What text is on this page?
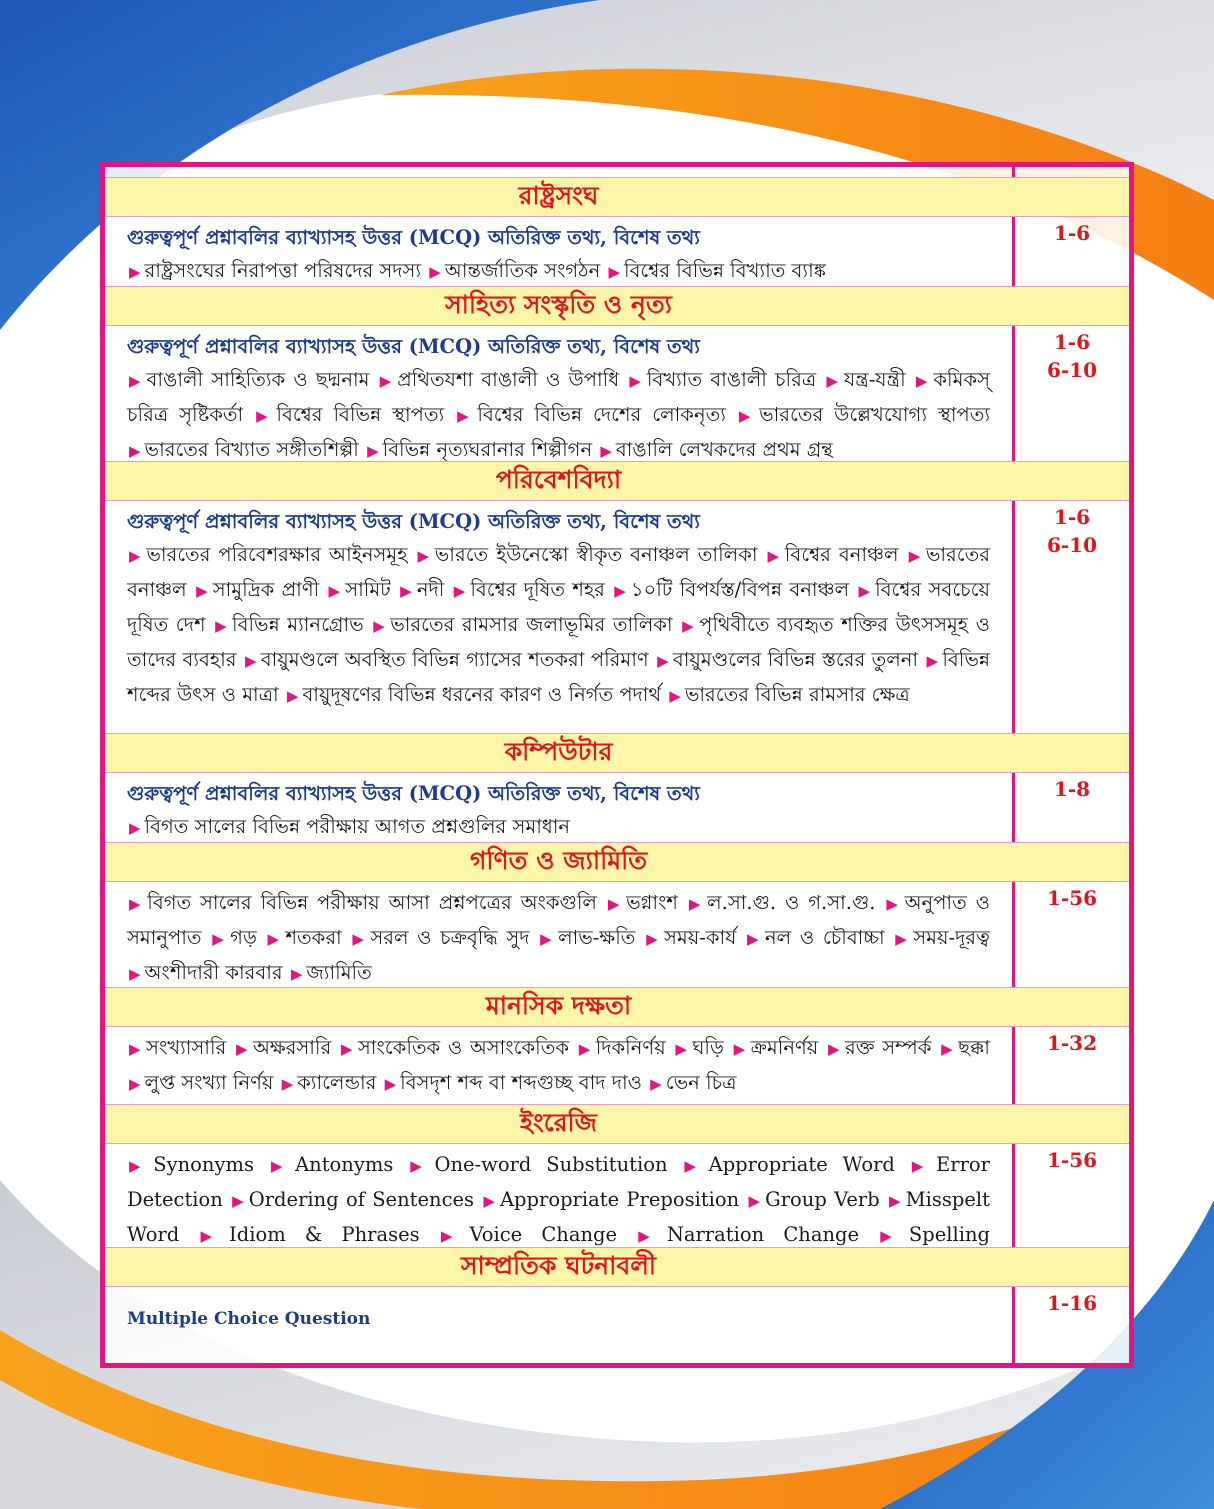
রাষ্ট্রসংঘ
গুরুত্বপূর্ণ প্রশ্নাবলির ব্যাখ্যাসহ উত্তর (MCQ) অতিরিক্ত তথ্য, বিশেষ তথ্য
▶ রাষ্ট্রসংঘের নিরাপত্তা পরিষদের সদস্য ▶ আন্তর্জাতিক সংগঠন ▶ বিশ্বের বিভিন্ন বিখ্যাত ব্যাঙ্ক
1-6
সাহিত্য সংস্কৃতি ও নৃত্য
গুরুত্বপূর্ণ প্রশ্নাবলির ব্যাখ্যাসহ উত্তর (MCQ) অতিরিক্ত তথ্য, বিশেষ তথ্য
▶ বাঙালী সাহিত্যিক ও ছদ্মনাম ▶ প্রথিতযশা বাঙালী ও উপাধি ▶ বিখ্যাত বাঙালী চরিত্র ▶ যন্ত্র-যন্ত্রী ▶ কমিকস্ চরিত্র সৃষ্টিকর্তা ▶ বিশ্বের বিভিন্ন স্থাপত্য ▶ বিশ্বের বিভিন্ন দেশের লোকনৃত্য ▶ ভারতের উল্লেখযোগ্য স্থাপত্য ▶ ভারতের বিখ্যাত সঙ্গীতশিল্পী ▶ বিভিন্ন নৃত্যঘরানার শিল্পীগন ▶ বাঙালি লেখকদের প্রথম গ্রন্থ
1-6
6-10
পরিবেশবিদ্যা
গুরুত্বপূর্ণ প্রশ্নাবলির ব্যাখ্যাসহ উত্তর (MCQ) অতিরিক্ত তথ্য, বিশেষ তথ্য
▶ ভারতের পরিবেশরক্ষার আইনসমূহ ▶ ভারতে ইউনেস্কো স্বীকৃত বনাঞ্চল তালিকা ▶ বিশ্বের বনাঞ্চল ▶ ভারতের বনাঞ্চল ▶ সামুদ্রিক প্রাণী ▶ সামিট ▶ নদী ▶ বিশ্বের দূষিত শহর ▶ ১০টি বিপর্যস্ত/বিপন্ন বনাঞ্চল ▶ বিশ্বের সবচেয়ে দূষিত দেশ ▶ বিভিন্ন ম্যানগ্রোভ ▶ ভারতের রামসার জলাভূমির তালিকা ▶ পৃথিবীতে ব্যবহৃত শক্তির উৎসসমূহ ও তাদের ব্যবহার ▶ বায়ুমণ্ডলে অবস্থিত বিভিন্ন গ্যাসের শতকরা পরিমাণ ▶ বায়ুমণ্ডলের বিভিন্ন স্তরের তুলনা ▶ বিভিন্ন শব্দের উৎস ও মাত্রা ▶ বায়ুদূষণের বিভিন্ন ধরনের কারণ ও নির্গত পদার্থ ▶ ভারতের বিভিন্ন রামসার ক্ষেত্র
1-6
6-10
কম্পিউটার
গুরুত্বপূর্ণ প্রশ্নাবলির ব্যাখ্যাসহ উত্তর (MCQ) অতিরিক্ত তথ্য, বিশেষ তথ্য
▶ বিগত সালের বিভিন্ন পরীক্ষায় আগত প্রশ্নগুলির সমাধান
1-8
গণিত ও জ্যামিতি
▶ বিগত সালের বিভিন্ন পরীক্ষায় আসা প্রশ্নপত্রের অংকগুলি ▶ ভগ্নাংশ ▶ ল.সা.গু. ও গ.সা.গু. ▶ অনুপাত ও সমানুপাত ▶ গড় ▶ শতকরা ▶ সরল ও চক্রবৃদ্ধি সুদ ▶ লাভ-ক্ষতি ▶ সময়-কার্য ▶ নল ও চৌবাচ্চা ▶ সময়-দূরত্ব ▶ অংশীদারী কারবার ▶ জ্যামিতি
1-56
মানসিক দক্ষতা
▶ সংখ্যাসারি ▶ অক্ষরসারি ▶ সাংকেতিক ও অসাংকেতিক ▶ দিকনির্ণয় ▶ ঘড়ি ▶ ক্রমনির্ণয় ▶ রক্ত সম্পর্ক ▶ ছক্কা ▶ লুপ্ত সংখ্যা নির্ণয় ▶ ক্যালেন্ডার ▶ বিসদৃশ শব্দ বা শব্দগুচ্ছ বাদ দাও ▶ ভেন চিত্র
1-32
ইংরেজি
▶ Synonyms ▶ Antonyms ▶ One-word Substitution ▶ Appropriate Word ▶ Error Detection ▶ Ordering of Sentences ▶ Appropriate Preposition ▶ Group Verb ▶ Misspelt Word ▶ Idiom & Phrases ▶ Voice Change ▶ Narration Change ▶ Spelling
1-56
সাম্প্রতিক ঘটনাবলী
Multiple Choice Question
1-16
